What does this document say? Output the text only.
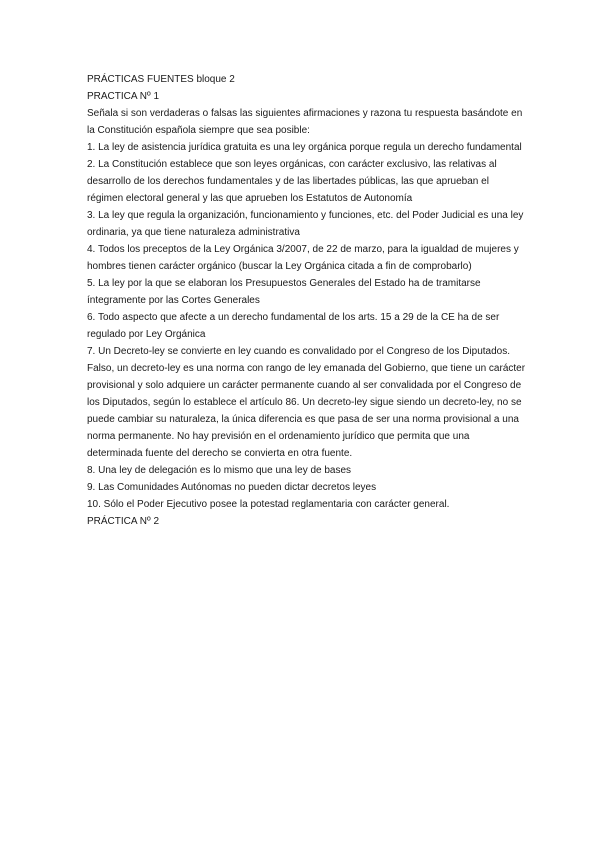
PRÁCTICAS FUENTES bloque 2

PRACTICA Nº 1

Señala si son verdaderas o falsas las siguientes afirmaciones y razona tu respuesta basándote en la Constitución española siempre que sea posible:

1. La ley de asistencia jurídica gratuita es una ley orgánica porque regula un derecho fundamental

2. La Constitución establece que son leyes orgánicas, con carácter exclusivo, las relativas al desarrollo de los derechos fundamentales y de las libertades públicas, las que aprueban el régimen electoral general y las que aprueben los Estatutos de Autonomía

3. La ley que regula la organización, funcionamiento y funciones, etc. del Poder Judicial es una ley ordinaria, ya que tiene naturaleza administrativa

4. Todos los preceptos de la Ley Orgánica 3/2007, de 22 de marzo, para la igualdad de mujeres y hombres tienen carácter orgánico (buscar la Ley Orgánica citada a fin de comprobarlo)

5. La ley por la que se elaboran los Presupuestos Generales del Estado ha de tramitarse íntegramente por las Cortes Generales

6. Todo aspecto que afecte a un derecho fundamental de los arts. 15 a 29 de la CE ha de ser regulado por Ley Orgánica

7. Un Decreto-ley se convierte en ley cuando es convalidado por el Congreso de los Diputados. Falso, un decreto-ley es una norma con rango de ley emanada del Gobierno, que tiene un carácter provisional y solo adquiere un carácter permanente cuando al ser convalidada por el Congreso de los Diputados, según lo establece el artículo 86. Un decreto-ley sigue siendo un decreto-ley, no se puede cambiar su naturaleza, la única diferencia es que pasa de ser una norma provisional a una norma permanente. No hay previsión en el ordenamiento jurídico que permita que una determinada fuente del derecho se convierta en otra fuente.

8. Una ley de delegación es lo mismo que una ley de bases

9. Las Comunidades Autónomas no pueden dictar decretos leyes

10. Sólo el Poder Ejecutivo posee la potestad reglamentaria con carácter general.

PRÁCTICA Nº 2
